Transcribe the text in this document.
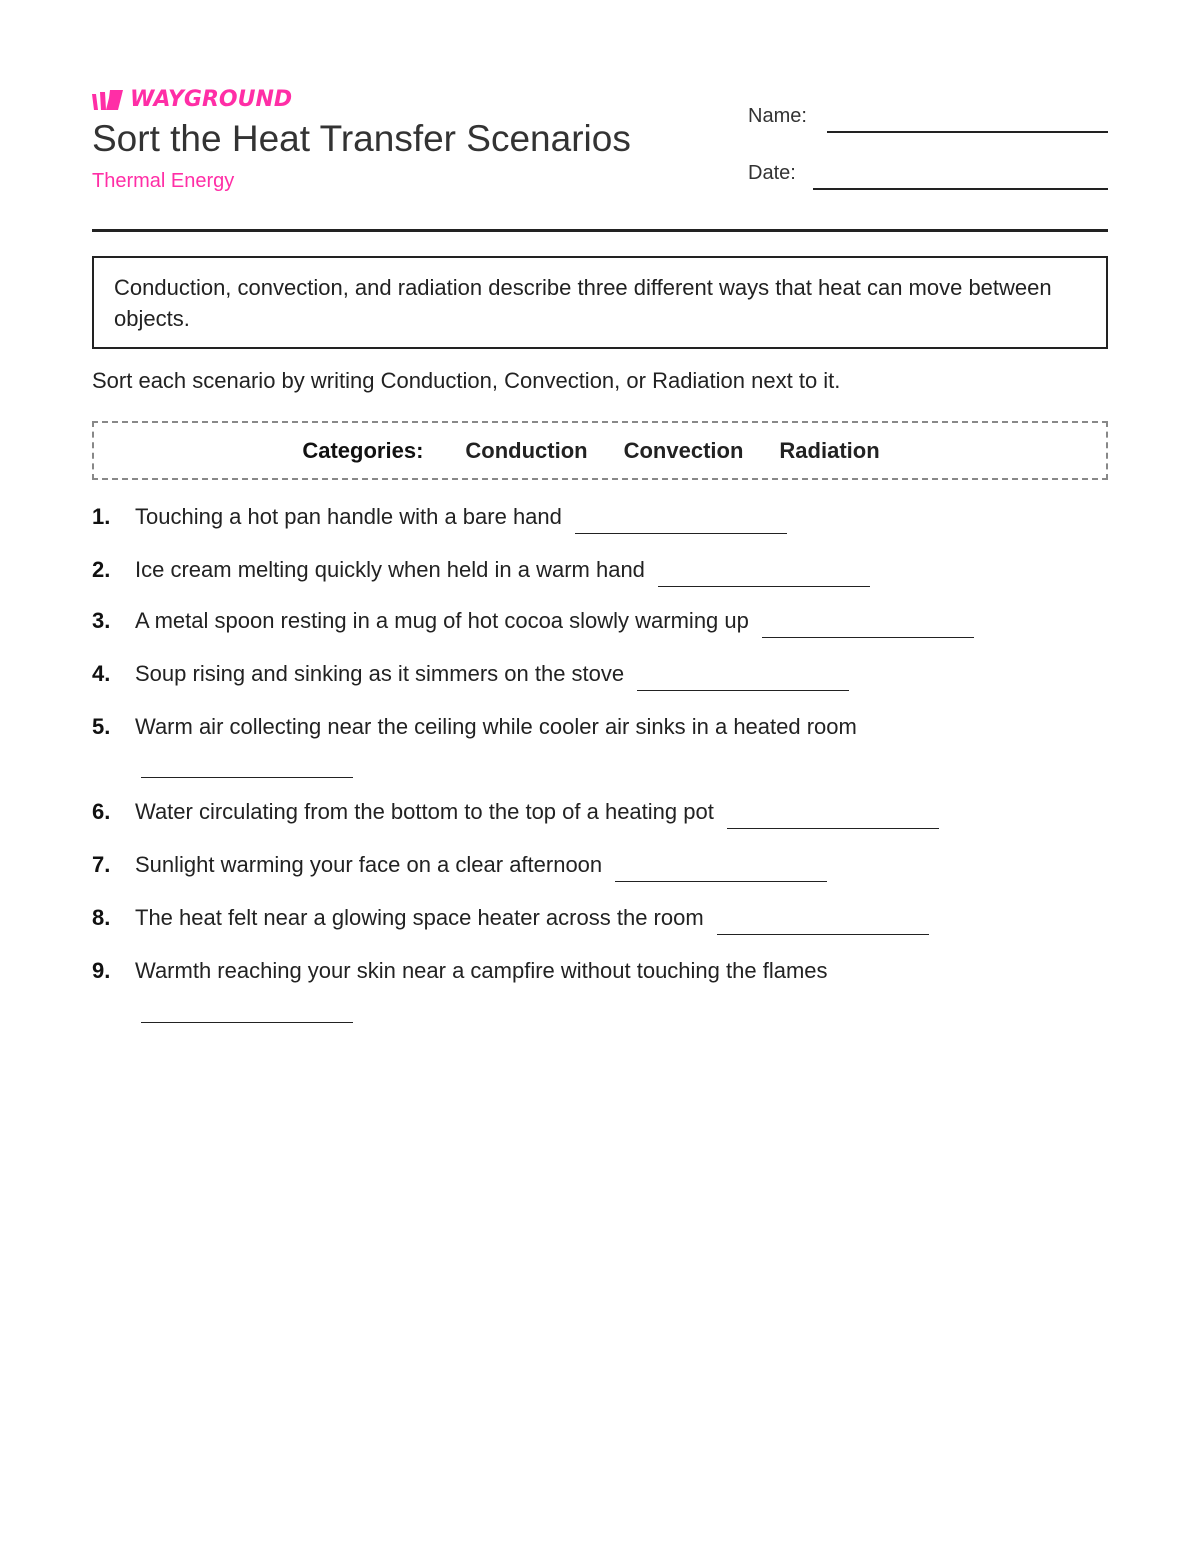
WAYGROUND
Sort the Heat Transfer Scenarios
Thermal Energy
Name:
Date:
Conduction, convection, and radiation describe three different ways that heat can move between objects.
Sort each scenario by writing Conduction, Convection, or Radiation next to it.
Categories: Conduction Convection Radiation
1.	Touching a hot pan handle with a bare hand
2.	Ice cream melting quickly when held in a warm hand
3.	A metal spoon resting in a mug of hot cocoa slowly warming up
4.	Soup rising and sinking as it simmers on the stove
5.	Warm air collecting near the ceiling while cooler air sinks in a heated room
6.	Water circulating from the bottom to the top of a heating pot
7.	Sunlight warming your face on a clear afternoon
8.	The heat felt near a glowing space heater across the room
9.	Warmth reaching your skin near a campfire without touching the flames
